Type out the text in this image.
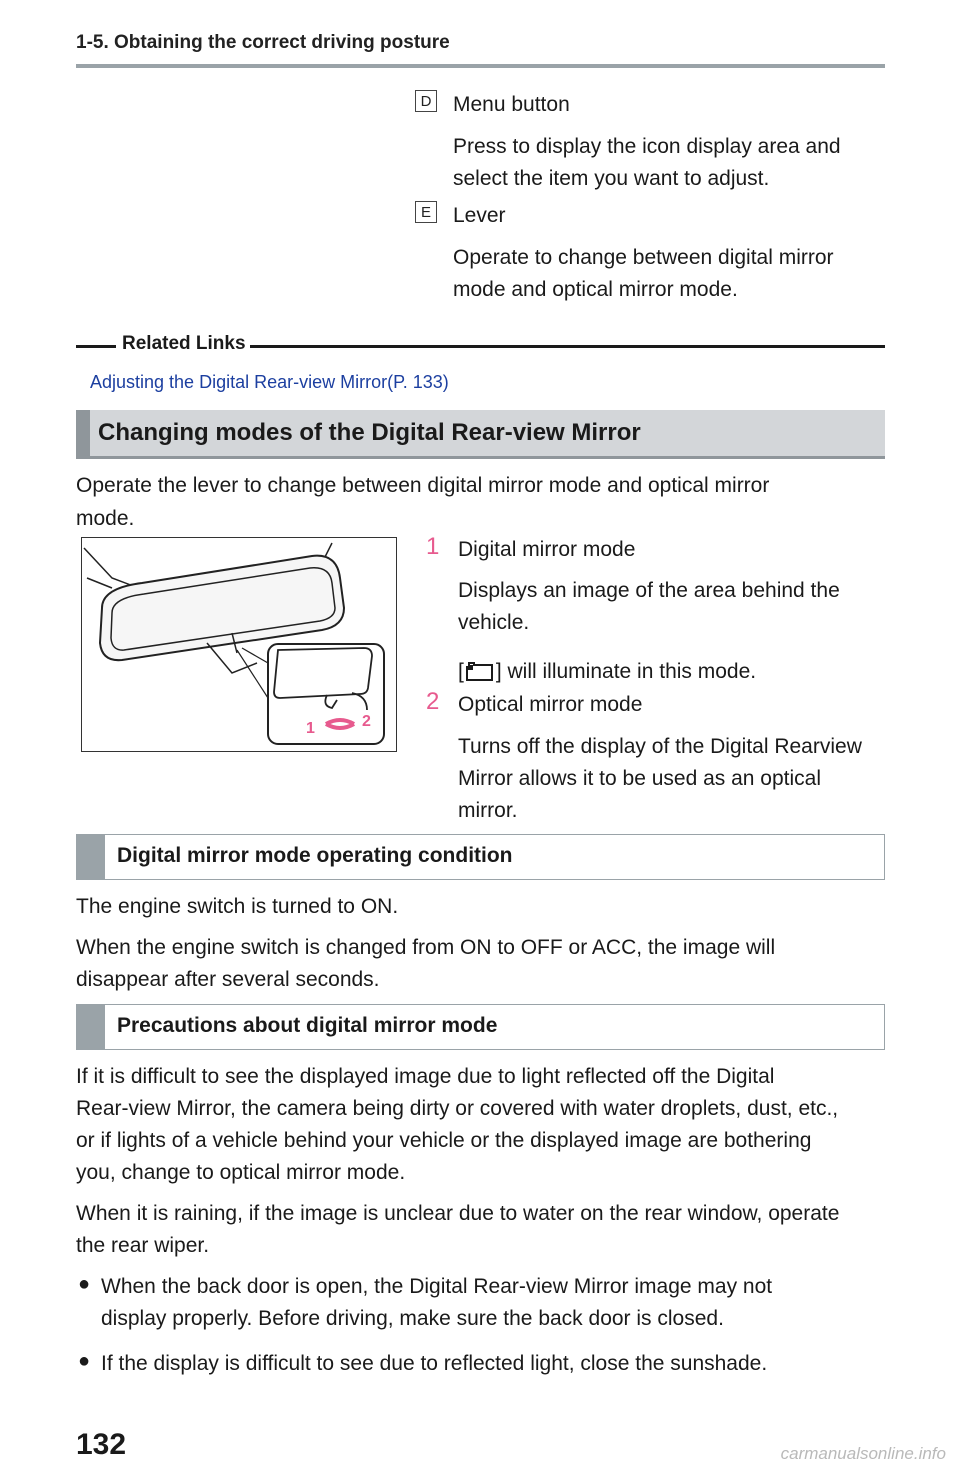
1-5. Obtaining the correct driving posture
D Menu button
Press to display the icon display area and
select the item you want to adjust.
E Lever
Operate to change between digital mirror
mode and optical mirror mode.
Related Links
Adjusting the Digital Rear-view Mirror(P. 133)
Changing modes of the Digital Rear-view Mirror
Operate the lever to change between digital mirror mode and optical mirror
mode.
1	2
1 Digital mirror mode
Displays an image of the area behind the
vehicle.
[ ] will illuminate in this mode.
2 Optical mirror mode
Turns off the display of the Digital Rearview
Mirror allows it to be used as an optical
mirror.
Digital mirror mode operating condition
The engine switch is turned to ON.
When the engine switch is changed from ON to OFF or ACC, the image will
disappear after several seconds.
Precautions about digital mirror mode
If it is difficult to see the displayed image due to light reflected off the Digital
Rear-view Mirror, the camera being dirty or covered with water droplets, dust, etc.,
or if lights of a vehicle behind your vehicle or the displayed image are bothering
you, change to optical mirror mode.
When it is raining, if the image is unclear due to water on the rear window, operate
the rear wiper.
● When the back door is open, the Digital Rear-view Mirror image may not
display properly. Before driving, make sure the back door is closed.
● If the display is difficult to see due to reflected light, close the sunshade.
132	carmanualsonline.info
